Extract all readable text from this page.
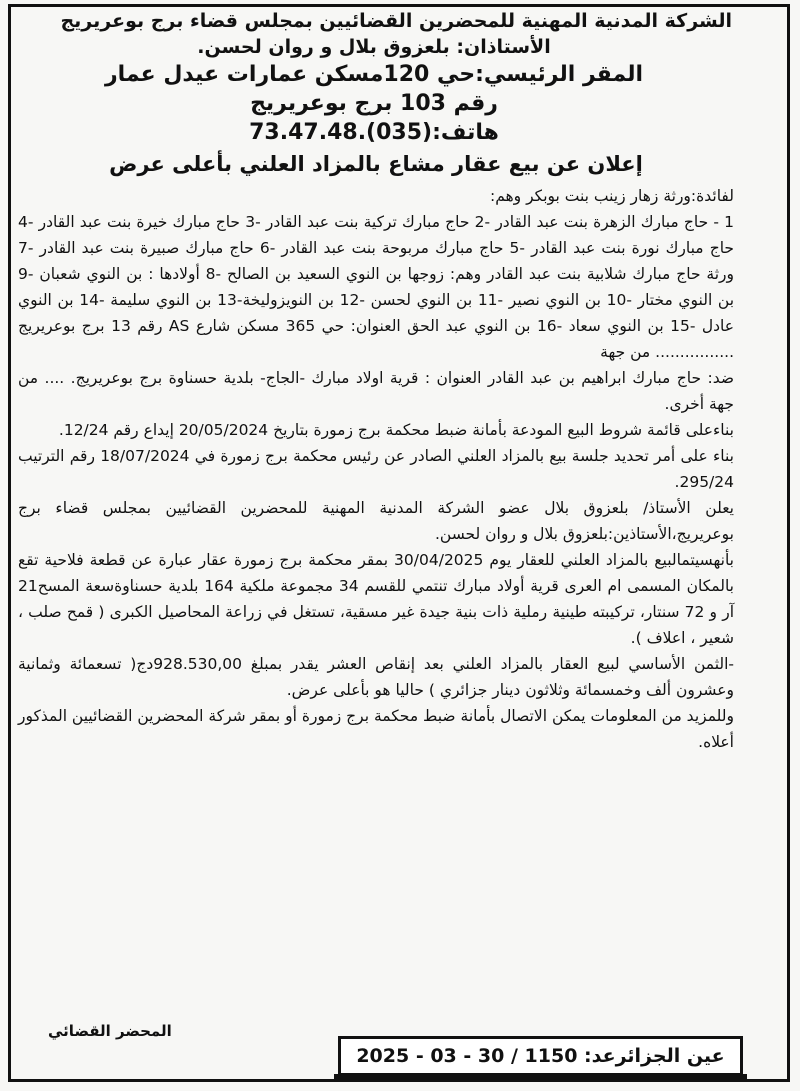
الشركة المدنية المهنية للمحضرين القضائيين بمجلس قضاء برج بوعريريج

الأستاذان: بلعزوق بلال و روان لحسن.

المقر الرئيسي:حي 120مسكن عمارات عيدل عمار

رقم 103 برج بوعريريج

هاتف:(035).73.47.48

إعلان عن بيع عقار مشاع بالمزاد العلني بأعلى عرض

لفائدة:ورثة زهار زينب بنت بوبكر وهم:

1 - حاج مبارك الزهرة بنت عبد القادر -2 حاج مبارك تركية بنت عبد القادر -3 حاج مبارك خيرة بنت عبد القادر -4 حاج مبارك نورة بنت عبد القادر -5 حاج مبارك مربوحة بنت عبد القادر -6 حاج مبارك صبيرة بنت عبد القادر -7 ورثة حاج مبارك شلابية بنت عبد القادر وهم: زوجها بن النوي السعيد بن الصالح -8 أولادها : بن النوي شعبان -9 بن النوي مختار -10 بن النوي نصير -11 بن النوي لحسن -12 بن النويزوليخة-13 بن النوي سليمة -14 بن النوي عادل -15 بن النوي سعاد -16 بن النوي عبد الحق العنوان: حي 365 مسكن شارع AS رقم 13 برج بوعريريج ................ من جهة

ضد: حاج مبارك ابراهيم بن عبد القادر العنوان : قرية اولاد مبارك -الجاج- بلدية حسناوة برج بوعريريج. .... من جهة أخرى.

بناءعلى قائمة شروط البيع المودعة بأمانة ضبط محكمة برج زمورة بتاريخ 20/05/2024 إيداع رقم 12/24.

بناء على أمر تحديد جلسة بيع بالمزاد العلني الصادر عن رئيس محكمة برج زمورة في 18/07/2024 رقم الترتيب 295/24.

يعلن الأستاذ/ بلعزوق بلال عضو الشركة المدنية المهنية للمحضرين القضائيين بمجلس قضاء برج بوعريريج،الأستاذين:بلعزوق بلال و روان لحسن.

بأنهسيتمالبيع بالمزاد العلني للعقار يوم 30/04/2025 بمقر محكمة برج زمورة عقار عبارة عن قطعة فلاحية تقع بالمكان المسمى ام العرى قرية أولاد مبارك تنتمي للقسم 34 مجموعة ملكية 164 بلدية حسناوةسعة المسح21 آر و 72 سنتار، تركيبته طينية رملية ذات بنية جيدة غير مسقية، تستغل في زراعة المحاصيل الكبرى ( قمح صلب ، شعير ، اعلاف ).

-الثمن الأساسي لبيع العقار بالمزاد العلني بعد إنقاص العشر يقدر بمبلغ 928.530,00دج( تسعمائة وثمانية وعشرون ألف وخمسمائة وثلاثون دينار جزائري ) حاليا هو بأعلى عرض.

وللمزيد من المعلومات يمكن الاتصال بأمانة ضبط محكمة برج زمورة أو بمقر شركة المحضرين القضائيين المذكور أعلاه.

المحضر القضائي
عين الجزائرعد: 1150 / 30 - 03 - 2025
